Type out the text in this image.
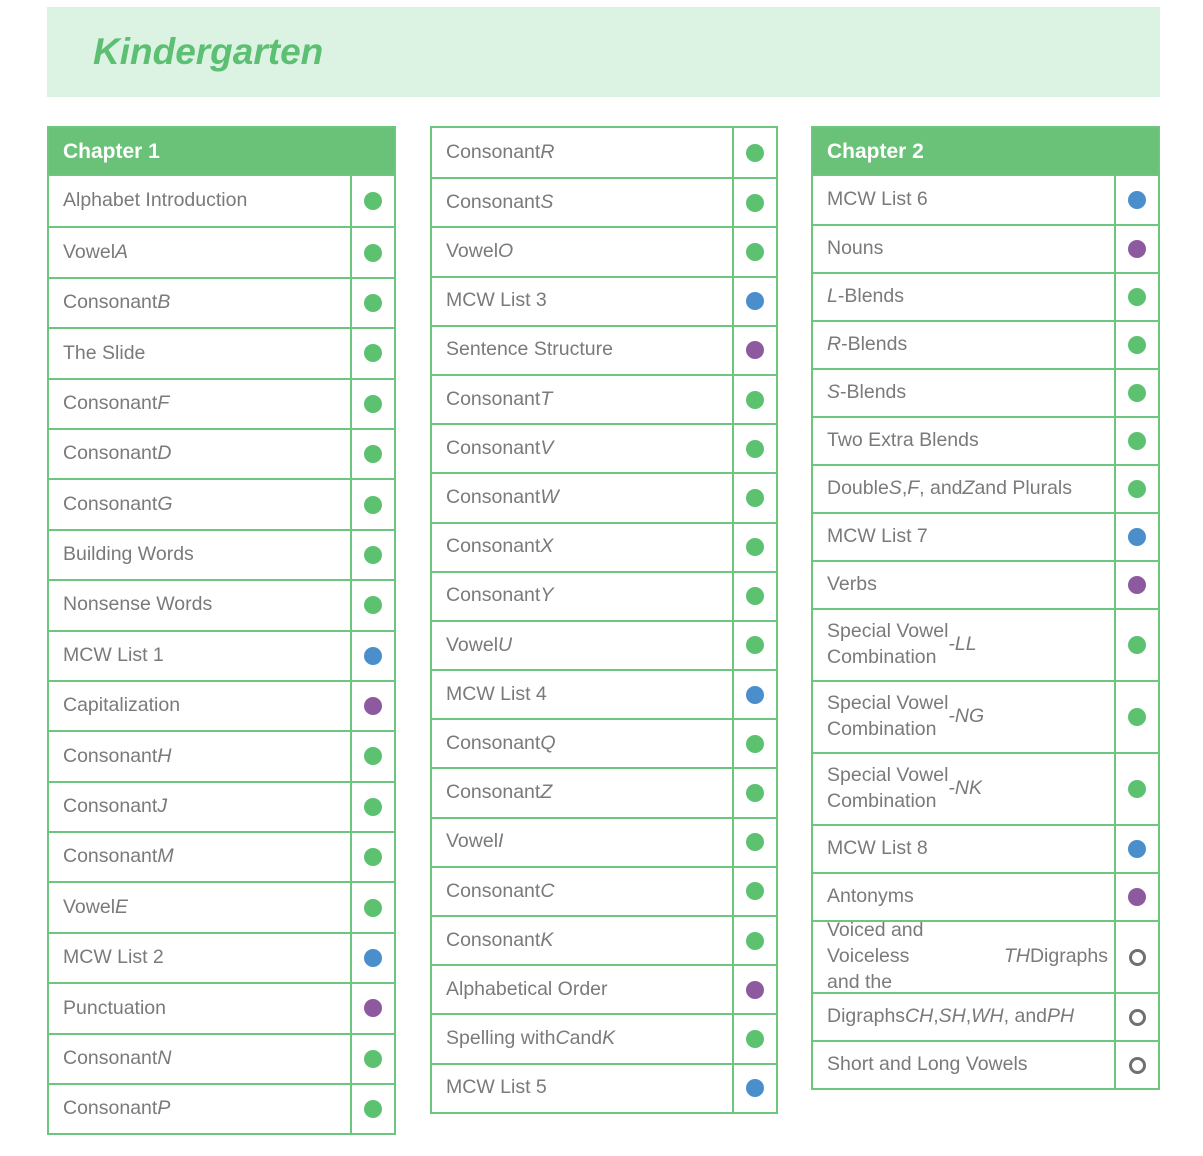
Kindergarten
Chapter 1
Alphabet Introduction
Vowel A
Consonant B
The Slide
Consonant F
Consonant D
Consonant G
Building Words
Nonsense Words
MCW List 1
Capitalization
Consonant H
Consonant J
Consonant M
Vowel E
MCW List 2
Punctuation
Consonant N
Consonant P
Consonant R
Consonant S
Vowel O
MCW List 3
Sentence Structure
Consonant T
Consonant V
Consonant W
Consonant X
Consonant Y
Vowel U
MCW List 4
Consonant Q
Consonant Z
Vowel I
Consonant C
Consonant K
Alphabetical Order
Spelling with C and K
MCW List 5
Chapter 2
MCW List 6
Nouns
L -Blends
R -Blends
S -Blends
Two Extra Blends
Double S , F , and Z and Plurals
MCW List 7
Verbs
Special Vowel
Combination
-LL
Special Vowel
Combination
-NG
Special Vowel
Combination
-NK
MCW List 8
Antonyms
Voiced and Voiceless
and the
TH Digraphs
Digraphs CH , SH , WH , and PH
Short and Long Vowels
